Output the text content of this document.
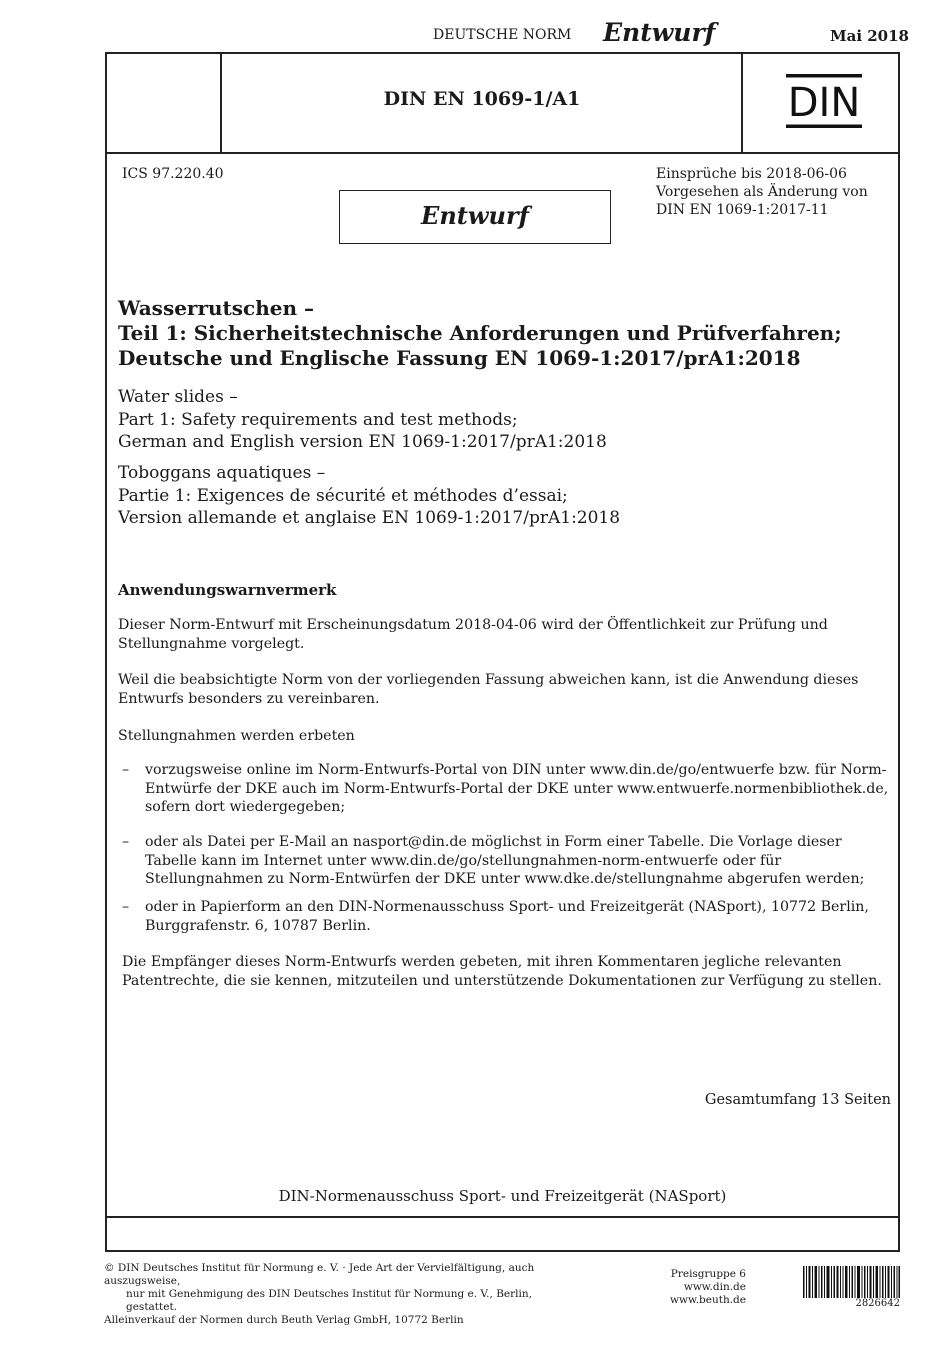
DEUTSCHE NORM Entwurf	Mai 2018
DIN EN 1069-1/A1	DIN
ICS 97.220.40	Einsprüche bis 2018-06-06
Vorgesehen als Änderung von
DIN EN 1069-1:2017-11
Entwurf
Wasserrutschen –
Teil 1: Sicherheitstechnische Anforderungen und Prüfverfahren;
Deutsche und Englische Fassung EN 1069-1:2017/prA1:2018
Water slides –
Part 1: Safety requirements and test methods;
German and English version EN 1069-1:2017/prA1:2018
Toboggans aquatiques –
Partie 1: Exigences de sécurité et méthodes d’essai;
Version allemande et anglaise EN 1069-1:2017/prA1:2018
Anwendungswarnvermerk
Dieser Norm-Entwurf mit Erscheinungsdatum 2018-04-06 wird der Öffentlichkeit zur Prüfung und Stellungnahme vorgelegt.
Weil die beabsichtigte Norm von der vorliegenden Fassung abweichen kann, ist die Anwendung dieses Entwurfs besonders zu vereinbaren.
Stellungnahmen werden erbeten
– vorzugsweise online im Norm-Entwurfs-Portal von DIN unter www.din.de/go/entwuerfe bzw. für Norm-Entwürfe der DKE auch im Norm-Entwurfs-Portal der DKE unter www.entwuerfe.normenbibliothek.de, sofern dort wiedergegeben;
– oder als Datei per E-Mail an nasport@din.de möglichst in Form einer Tabelle. Die Vorlage dieser Tabelle kann im Internet unter www.din.de/go/stellungnahmen-norm-entwuerfe oder für Stellungnahmen zu Norm-Entwürfen der DKE unter www.dke.de/stellungnahme abgerufen werden;
– oder in Papierform an den DIN-Normenausschuss Sport- und Freizeitgerät (NASport), 10772 Berlin, Burggrafenstr. 6, 10787 Berlin.
Die Empfänger dieses Norm-Entwurfs werden gebeten, mit ihren Kommentaren jegliche relevanten Patentrechte, die sie kennen, mitzuteilen und unterstützende Dokumentationen zur Verfügung zu stellen.
Gesamtumfang 13 Seiten
DIN-Normenausschuss Sport- und Freizeitgerät (NASport)
© DIN Deutsches Institut für Normung e. V. · Jede Art der Vervielfältigung, auch auszugsweise,
nur mit Genehmigung des DIN Deutsches Institut für Normung e. V., Berlin, gestattet.
Alleinverkauf der Normen durch Beuth Verlag GmbH, 10772 Berlin
Preisgruppe 6
www.din.de
www.beuth.de	2826642
